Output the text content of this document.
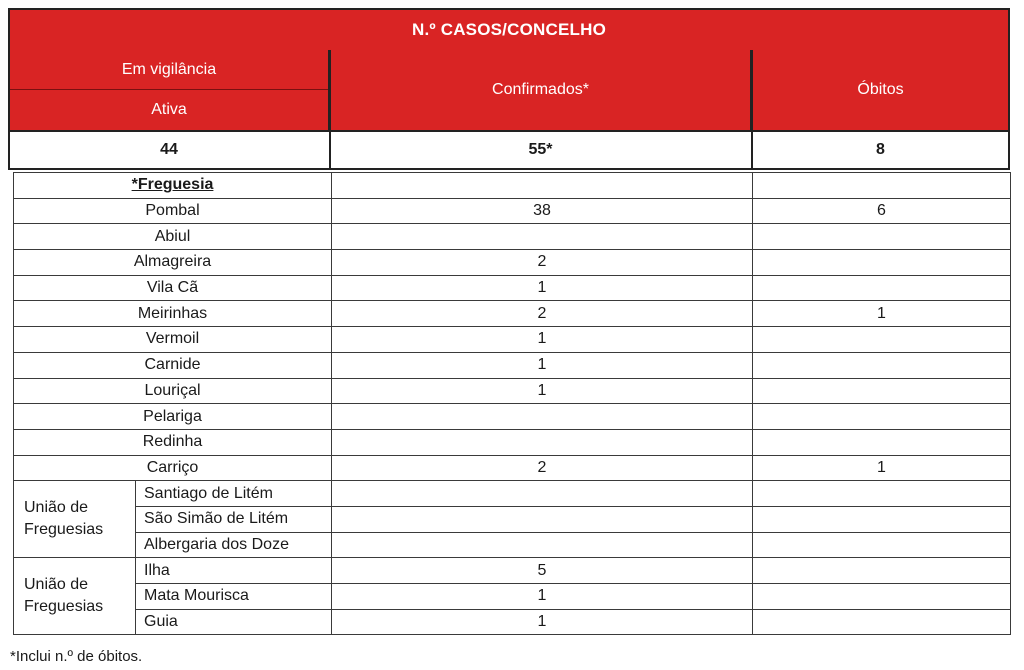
N.º CASOS/CONCELHO
Em vigilância
Ativa
Confirmados*	Óbitos
44	55*	8
*Freguesia			
Pombal		38	6
Abiul			
Almagreira		2	
Vila Cã		1	
Meirinhas		2	1
Vermoil		1	
Carnide		1	
Louriçal		1	
Pelariga			
Redinha			
Carriço		2	1
União de
Freguesias	Santiago de Litém		
	São Simão de Litém		
	Albergaria dos Doze		
União de
Freguesias	Ilha	5	
	Mata Mourisca	1	
	Guia	1	
*Inclui n.º de óbitos.
